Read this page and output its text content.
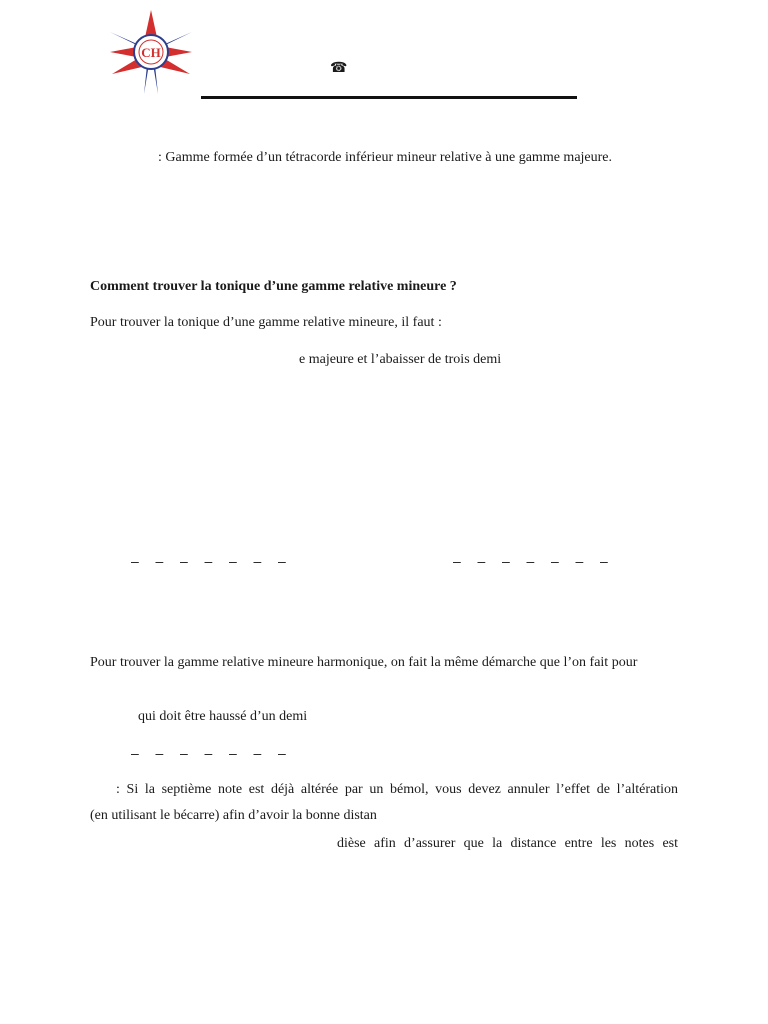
CH
☎
: Gamme formée d’un tétracorde inférieur mineur relative à une gamme majeure.
Comment trouver la tonique d’une gamme relative mineure ?
Pour trouver la tonique d’une gamme relative mineure, il faut :
e majeure et l’abaisser de trois demi
– – – – – – –	– – – – – – –
Pour trouver la gamme relative mineure harmonique, on fait la même démarche que l’on fait pour
qui doit être haussé d’un demi
– – – – – – –
: Si la septième note est déjà altérée par un bémol, vous devez annuler l’effet de l’altération
(en utilisant le bécarre) afin d’avoir la bonne distan
dièse afin d’assurer que la distance entre les notes est
